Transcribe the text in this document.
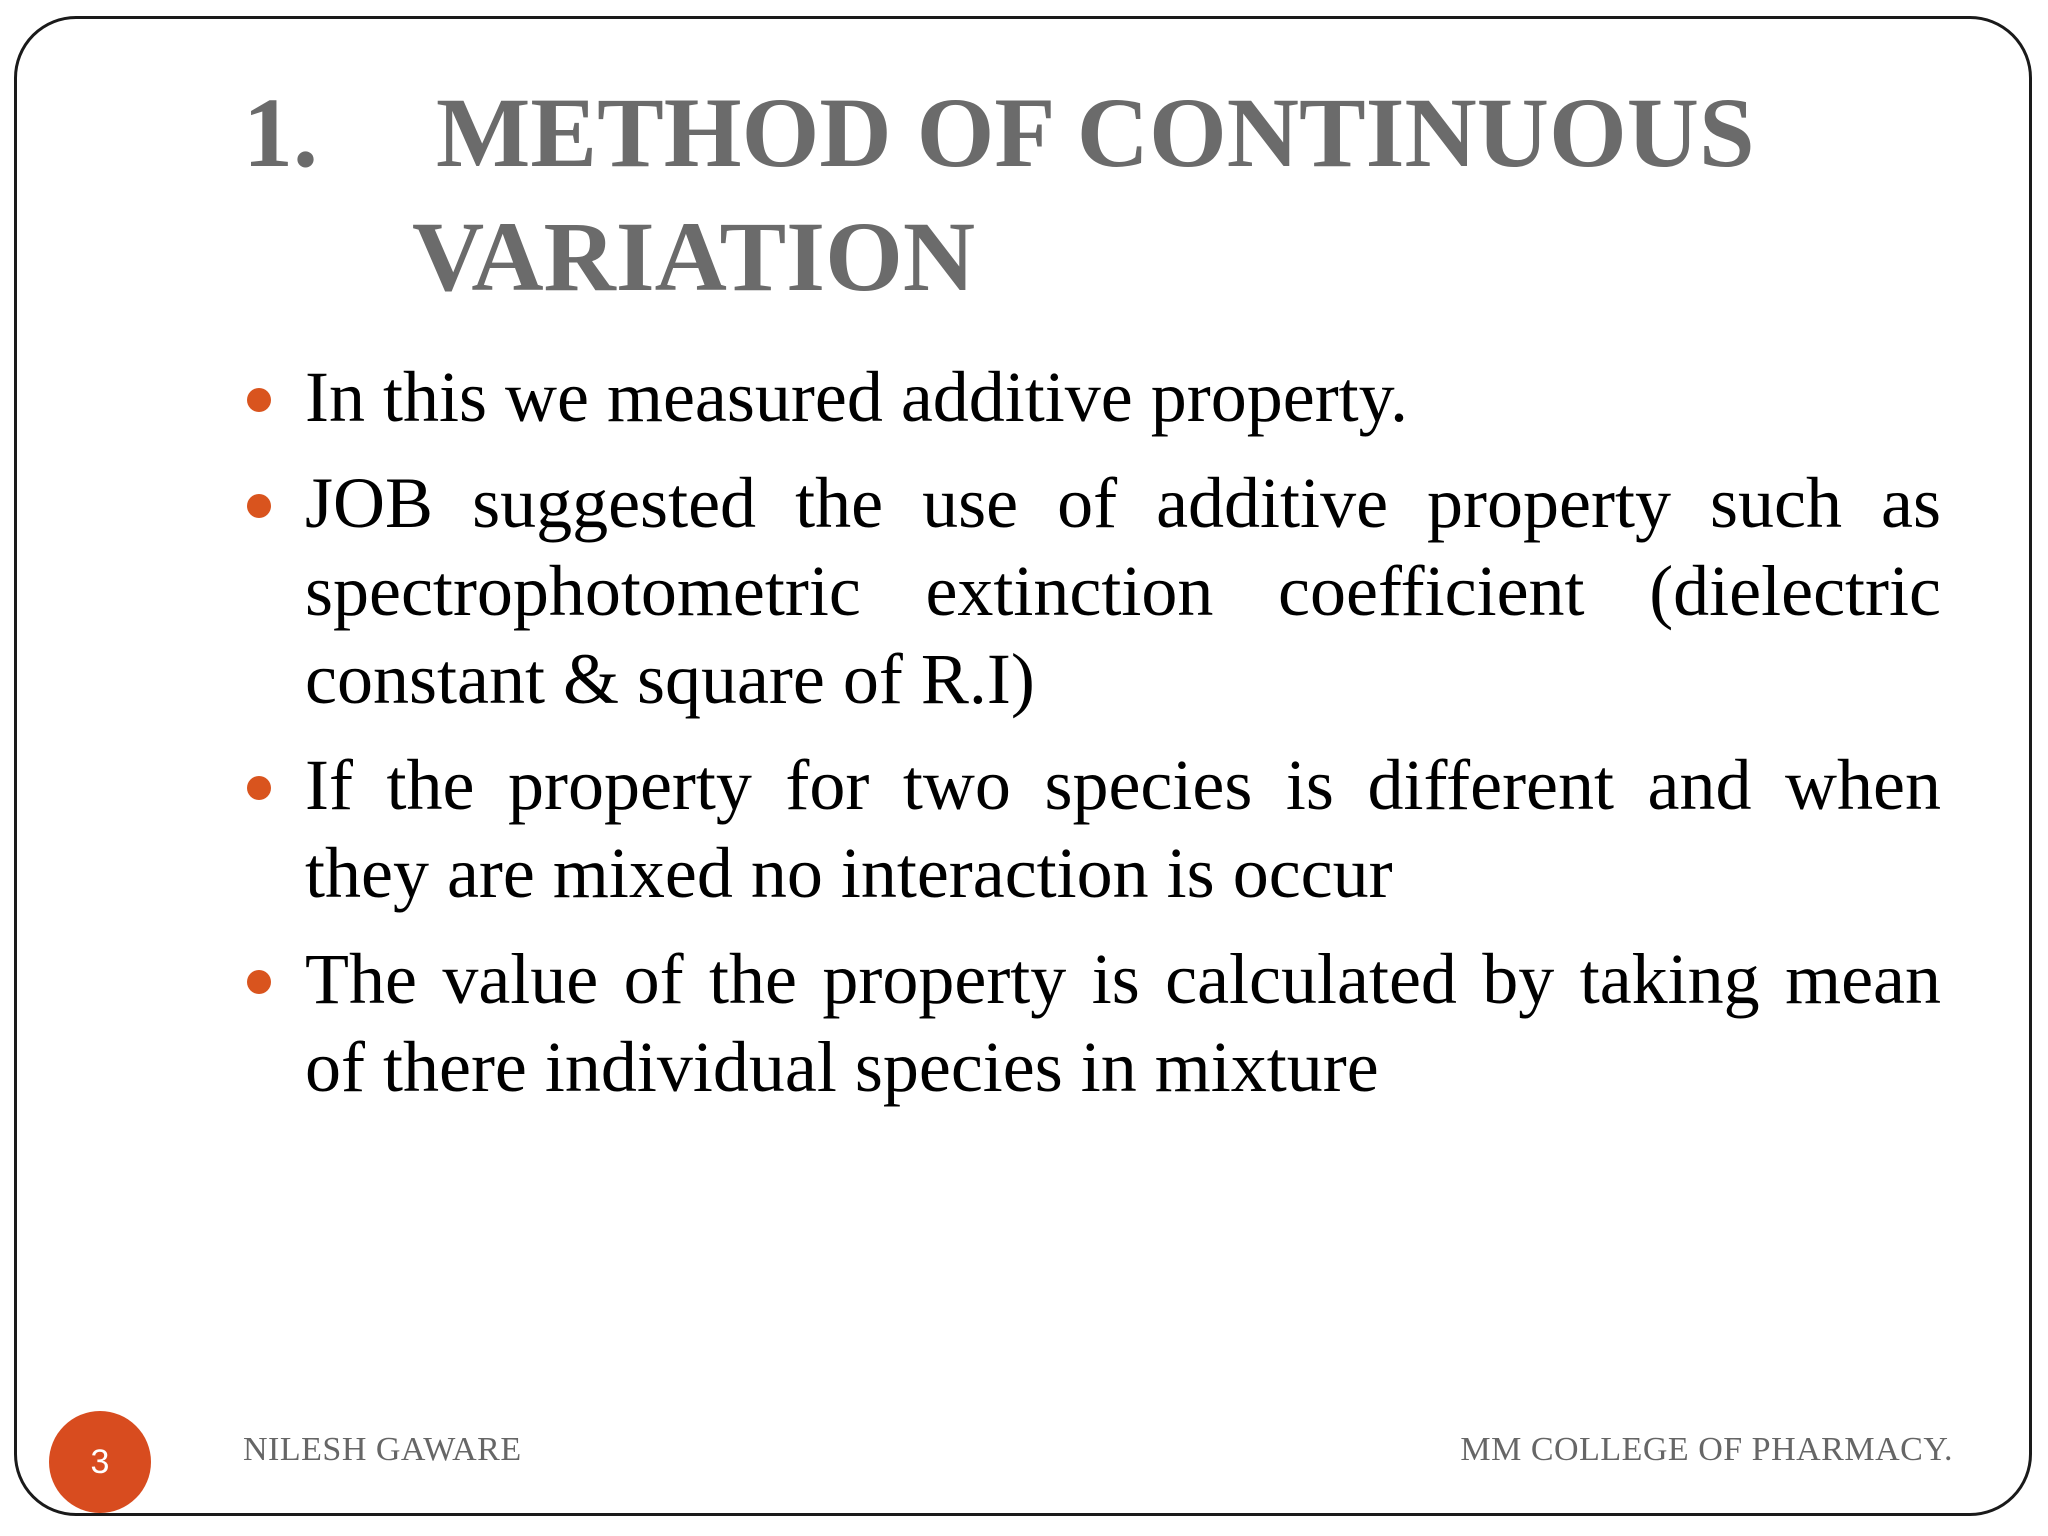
1. METHOD OF CONTINUOUS
VARIATION
In this we measured additive property.
JOB suggested the use of additive property such as spectrophotometric extinction coefficient (dielectric constant & square of R.I)
If the property for two species is different and when they are mixed no interaction is occur
The value of the property is calculated by taking mean of there individual species in mixture
3	NILESH GAWARE	MM COLLEGE OF PHARMACY.
